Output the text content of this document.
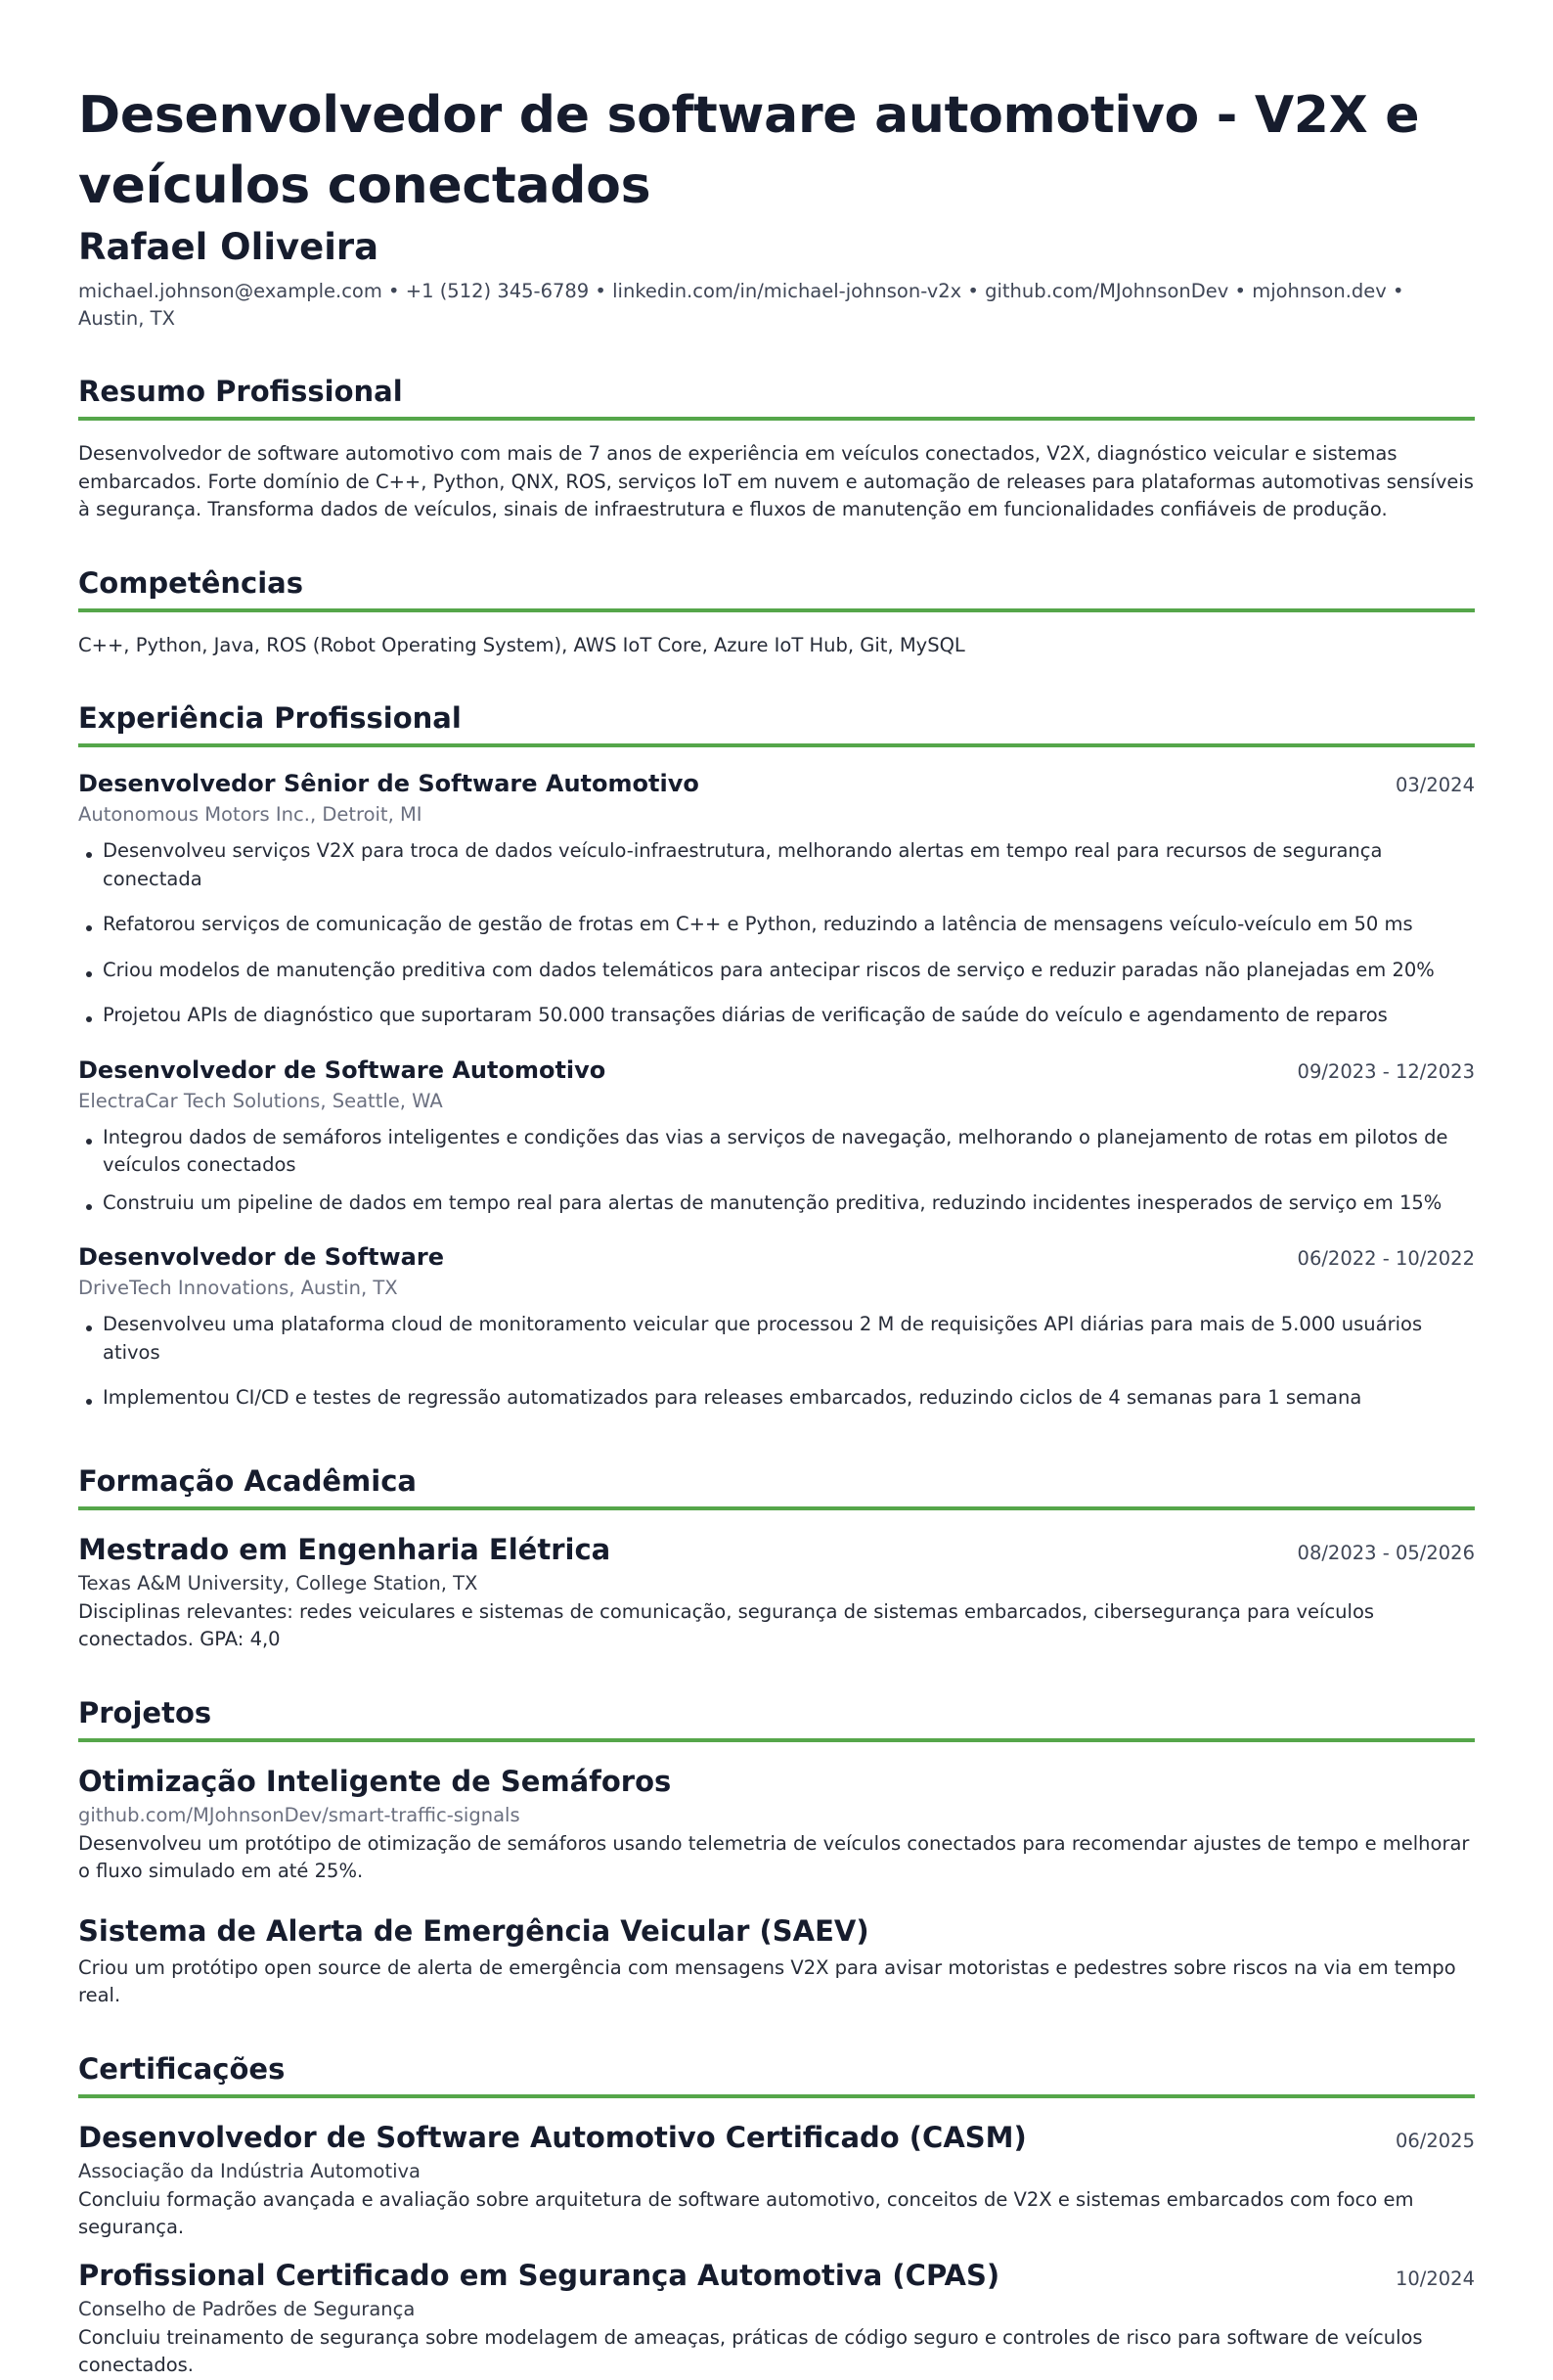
Desenvolvedor de software automotivo - V2X e veículos conectados
Rafael Oliveira
michael.johnson@example.com • +1 (512) 345-6789 • linkedin.com/in/michael-johnson-v2x • github.com/MJohnsonDev • mjohnson.dev • Austin, TX
Resumo Profissional
Desenvolvedor de software automotivo com mais de 7 anos de experiência em veículos conectados, V2X, diagnóstico veicular e sistemas embarcados. Forte domínio de C++, Python, QNX, ROS, serviços IoT em nuvem e automação de releases para plataformas automotivas sensíveis à segurança. Transforma dados de veículos, sinais de infraestrutura e fluxos de manutenção em funcionalidades confiáveis de produção.
Competências
C++, Python, Java, ROS (Robot Operating System), AWS IoT Core, Azure IoT Hub, Git, MySQL
Experiência Profissional
Desenvolvedor Sênior de Software Automotivo	03/2024
Autonomous Motors Inc., Detroit, MI
Desenvolveu serviços V2X para troca de dados veículo-infraestrutura, melhorando alertas em tempo real para recursos de segurança conectada
Refatorou serviços de comunicação de gestão de frotas em C++ e Python, reduzindo a latência de mensagens veículo-veículo em 50 ms
Criou modelos de manutenção preditiva com dados telemáticos para antecipar riscos de serviço e reduzir paradas não planejadas em 20%
Projetou APIs de diagnóstico que suportaram 50.000 transações diárias de verificação de saúde do veículo e agendamento de reparos
Desenvolvedor de Software Automotivo	09/2023 - 12/2023
ElectraCar Tech Solutions, Seattle, WA
Integrou dados de semáforos inteligentes e condições das vias a serviços de navegação, melhorando o planejamento de rotas em pilotos de veículos conectados
Construiu um pipeline de dados em tempo real para alertas de manutenção preditiva, reduzindo incidentes inesperados de serviço em 15%
Desenvolvedor de Software	06/2022 - 10/2022
DriveTech Innovations, Austin, TX
Desenvolveu uma plataforma cloud de monitoramento veicular que processou 2 M de requisições API diárias para mais de 5.000 usuários ativos
Implementou CI/CD e testes de regressão automatizados para releases embarcados, reduzindo ciclos de 4 semanas para 1 semana
Formação Acadêmica
Mestrado em Engenharia Elétrica	08/2023 - 05/2026
Texas A&M University, College Station, TX
Disciplinas relevantes: redes veiculares e sistemas de comunicação, segurança de sistemas embarcados, cibersegurança para veículos conectados. GPA: 4,0
Projetos
Otimização Inteligente de Semáforos
github.com/MJohnsonDev/smart-traffic-signals
Desenvolveu um protótipo de otimização de semáforos usando telemetria de veículos conectados para recomendar ajustes de tempo e melhorar o fluxo simulado em até 25%.
Sistema de Alerta de Emergência Veicular (SAEV)
Criou um protótipo open source de alerta de emergência com mensagens V2X para avisar motoristas e pedestres sobre riscos na via em tempo real.
Certificações
Desenvolvedor de Software Automotivo Certificado (CASM)	06/2025
Associação da Indústria Automotiva
Concluiu formação avançada e avaliação sobre arquitetura de software automotivo, conceitos de V2X e sistemas embarcados com foco em segurança.
Profissional Certificado em Segurança Automotiva (CPAS)	10/2024
Conselho de Padrões de Segurança
Concluiu treinamento de segurança sobre modelagem de ameaças, práticas de código seguro e controles de risco para software de veículos conectados.
